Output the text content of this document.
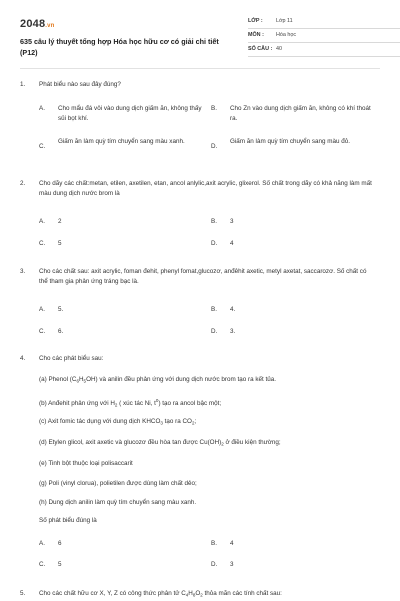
2048.vn
635 câu lý thuyết tổng hợp Hóa học hữu cơ có giải chi tiết (P12)
LỚP : Lớp 11
MÔN : Hóa học
SỐ CÂU : 40
1. Phát biểu nào sau đây đúng?
A. Cho mẩu đá vôi vào dung dịch giấm ăn, không thấy sủi bọt khí.
B. Cho Zn vào dung dịch giấm ăn, không có khí thoát ra.
C.
Giấm ăn làm quỳ tím chuyển sang màu xanh.
D.
Giấm ăn làm quỳ tím chuyển sang màu đỏ.
2. Cho dãy các chất:metan, etilen, axetilen, etan, ancol anlylic,axit acrylic, glixerol. Số chất trong dãy có khả năng làm mất màu dung dịch nước brom là
A. 2	B. 3
C. 5	D. 4
3. Cho các chất sau: axit acrylic, foman đehit, phenyl fomat,glucozơ, anđêhit axetic, metyl axetat, saccarozơ. Số chất có thể tham gia phản ứng tráng bạc là.
A. 5.	B. 4.
C. 6.	D. 3.
4. Cho các phát biểu sau:
(a) Phenol $(C_6H_5OH)$ và anilin đều phản ứng với dung dịch nước brom tạo ra kết tủa.
(b) Anđehit phản ứng với $H_2$ ( xúc tác Ni, $t^0$) tạo ra ancol bậc một;
(c) Axit fomic tác dụng với dung dịch $KHCO_3$ tạo ra $CO_2$;
(d) Etylen glicol, axit axetic và glucozơ đều hòa tan được $Cu(OH)_2$ ở điều kiện thường;
(e) Tinh bột thuộc loại polisaccarit
(g) Poli (vinyl clorua), polietilen được dùng làm chất dẻo;
(h) Dung dịch anilin làm quỳ tím chuyển sang màu xanh.
Số phát biểu đúng là
A. 6	B. 4
C. 5	D. 3
5. Cho các chất hữu cơ X, Y, Z có công thức phân tử $C_4H_8O_2$ thỏa mãn các tính chất sau:
